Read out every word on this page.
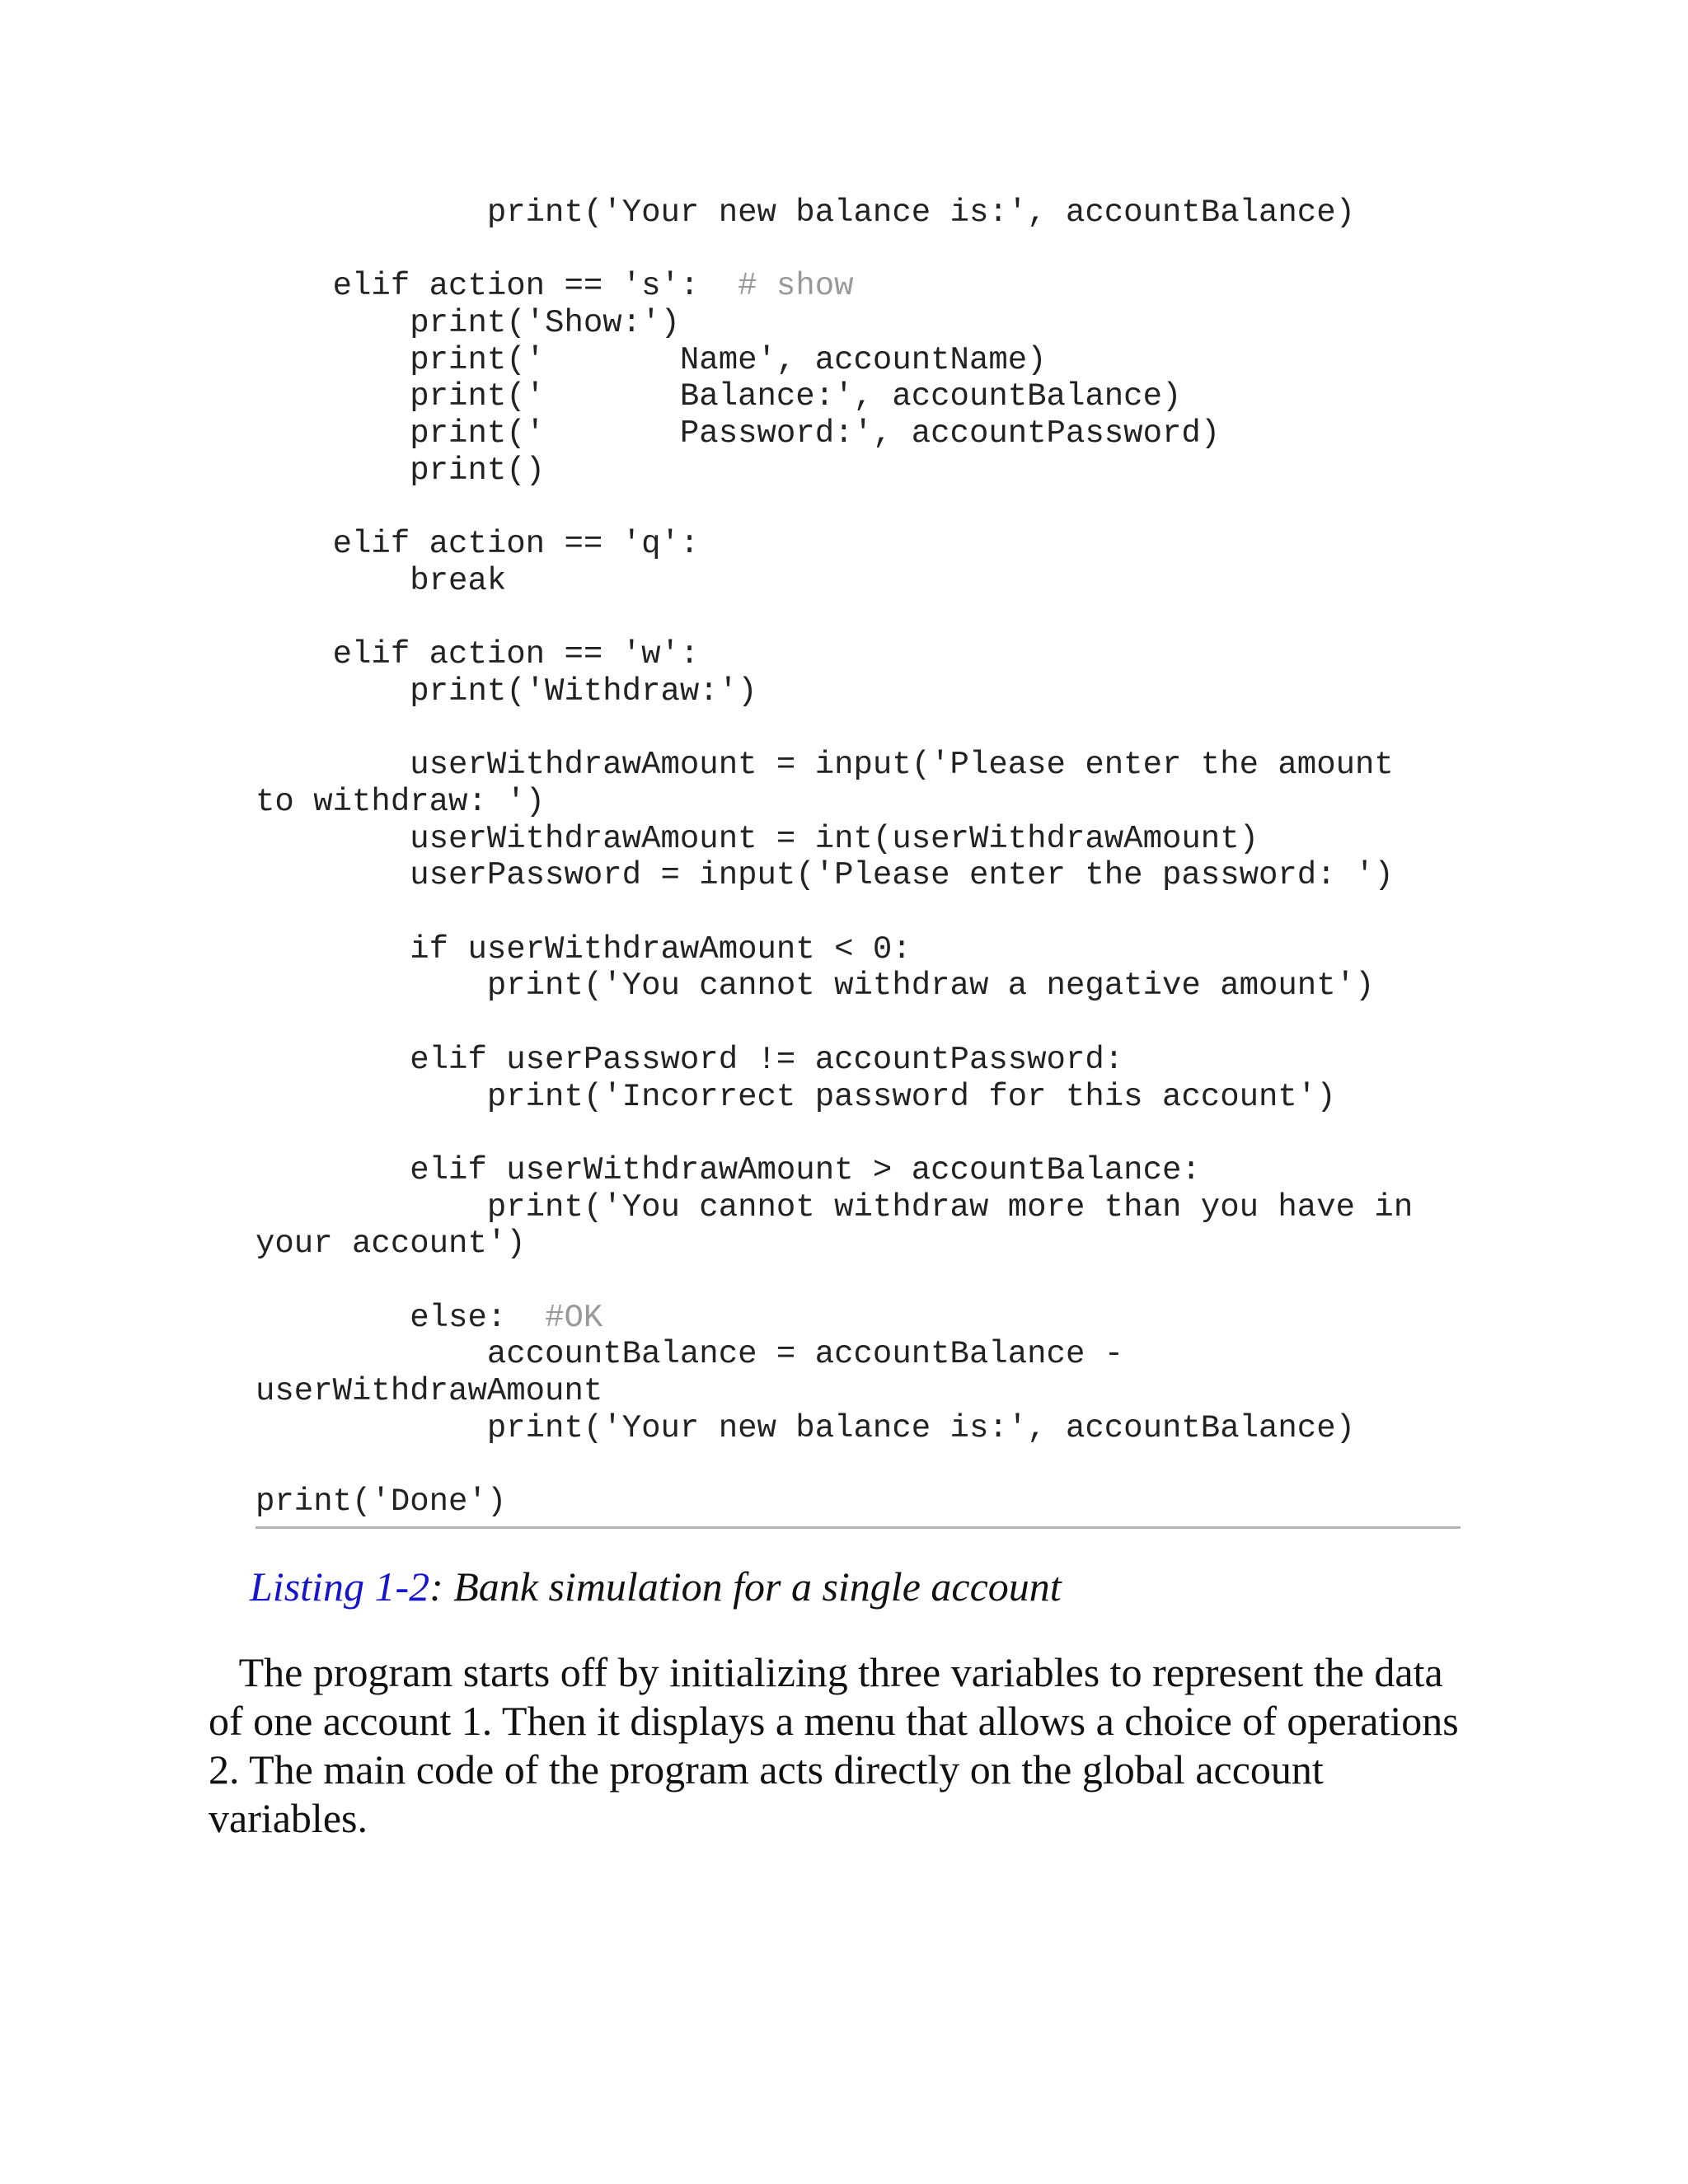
print('Your new balance is:', accountBalance)
elif action == 's':  # show
print('Show:')
print('       Name', accountName)
print('       Balance:', accountBalance)
print('       Password:', accountPassword)
print()
elif action == 'q':
break
elif action == 'w':
print('Withdraw:')
userWithdrawAmount = input('Please enter the amount
to withdraw: ')
userWithdrawAmount = int(userWithdrawAmount)
userPassword = input('Please enter the password: ')
if userWithdrawAmount < 0:
print('You cannot withdraw a negative amount')
elif userPassword != accountPassword:
print('Incorrect password for this account')
elif userWithdrawAmount > accountBalance:
print('You cannot withdraw more than you have in
your account')
else:  #OK
accountBalance = accountBalance -
userWithdrawAmount
print('Your new balance is:', accountBalance)
print('Done')
Listing 1-2: Bank simulation for a single account
The program starts off by initializing three variables to represent the data
of one account 1. Then it displays a menu that allows a choice of operations
2. The main code of the program acts directly on the global account
variables.
